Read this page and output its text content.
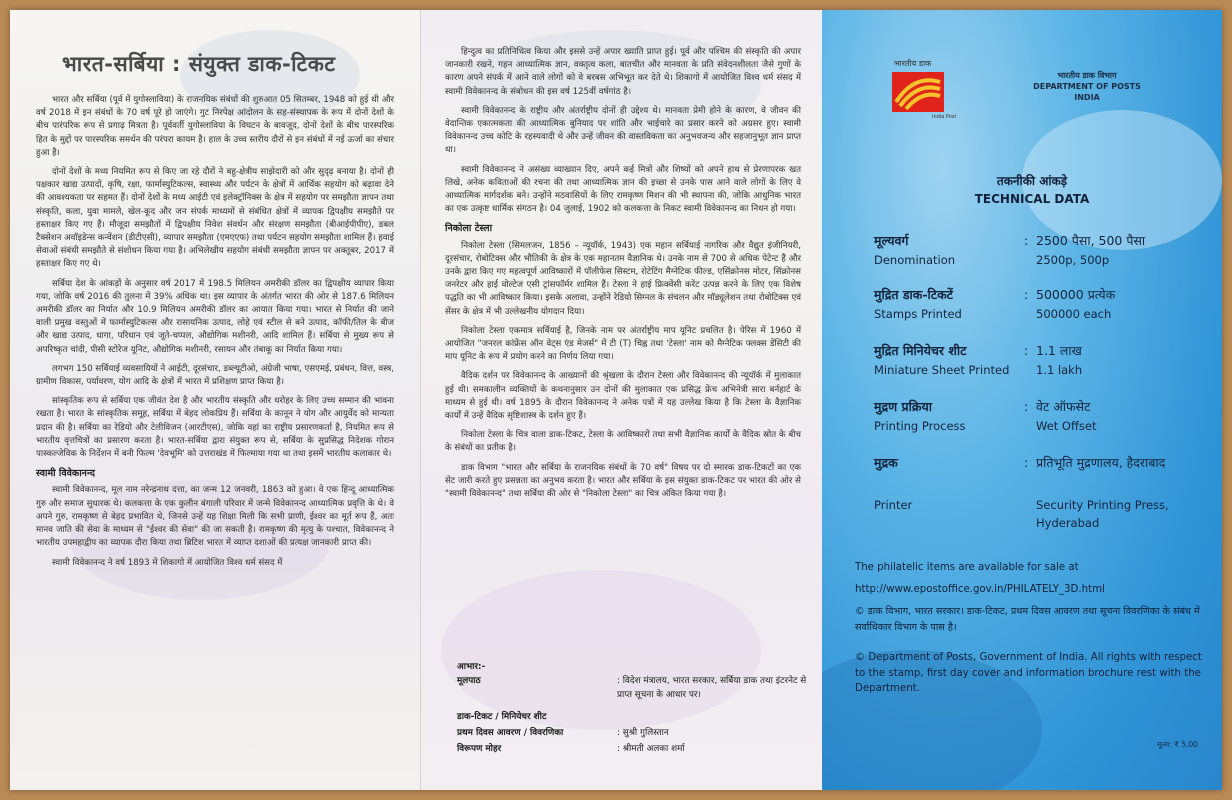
भारत-सर्बिया : संयुक्त डाक-टिकट

भारत और सर्बिया (पूर्व में युगोस्लाविया) के राजनयिक संबंधों की शुरुआत 05 सितम्बर, 1948 को हुई थी और वर्ष 2018 में इन संबंधों के 70 वर्ष पूरे हो जाएंगे। गुट निरपेक्ष आंदोलन के सह-संस्थापक के रूप में दोनों देशों के बीच पारंपरिक रूप से प्रगाढ़ मित्रता है। पूर्ववर्ती युगोस्लाविया के विघटन के बावजूद, दोनों देशों के बीच पारस्परिक हित के मुद्दों पर पारस्परिक समर्थन की परंपरा कायम है। हाल के उच्च स्तरीय दौरों से इन संबंधों में नई ऊर्जा का संचार हुआ है।

दोनों देशों के मध्य नियमित रूप से किए जा रहे दौरों ने बहु-क्षेत्रीय साझेदारी को और सुदृढ़ बनाया है। दोनों ही पक्षकार खाद्य उत्पादों, कृषि, रक्षा, फार्मास्युटिकल्स, स्वास्थ्य और पर्यटन के क्षेत्रों में आर्थिक सहयोग को बढ़ावा देने की आवश्यकता पर सहमत हैं। दोनों देशों के मध्य आईटी एवं इलेक्ट्रॉनिक्स के क्षेत्र में सहयोग पर समझौता ज्ञापन तथा संस्कृति, कला, युवा मामले, खेल-कूद और जन संपर्क माध्यमों से संबंधित क्षेत्रों में व्यापक द्विपक्षीय समझौते पर हस्ताक्षर किए गए हैं। मौजूदा समझौतों में द्विपक्षीय निवेश संवर्धन और संरक्षण समझौता (बीआईपीपीए), डबल टैक्सेशन अवॉइडेन्स कन्वेंशन (डीटीएसी), व्यापार समझौता (एमएएफ) तथा पर्यटन सहयोग समझौता शामिल हैं। हवाई सेवाओं संबंधी समझौते से संशोधन किया गया है। अभिलेखीय सहयोग संबंधी समझौता ज्ञापन पर अक्तूबर, 2017 में हस्ताक्षर किए गए थे।

सर्बिया देश के आंकड़ों के अनुसार वर्ष 2017 में 198.5 मिलियन अमरीकी डॉलर का द्विपक्षीय व्यापार किया गया, जोकि वर्ष 2016 की तुलना में 39% अधिक था। इस व्यापार के अंतर्गत भारत की ओर से 187.6 मिलियन अमरीकी डॉलर का निर्यात और 10.9 मिलियन अमरीकी डॉलर का आयात किया गया। भारत से निर्यात की जाने वाली प्रमुख वस्तुओं में फार्मास्युटिकल्स और रासायनिक उत्पाद, लोहे एवं स्टील से बने उत्पाद, कॉफी/तिल के बीज और खाद्य उत्पाद, धागा, परिधान एवं जूते-चप्पल, औद्योगिक मशीनरी, आदि शामिल हैं। सर्बिया से मुख्य रूप से अपरिष्कृत चांदी, पीसी स्टोरेज यूनिट, औद्योगिक मशीनरी, रसायन और तंबाकू का निर्यात किया गया।

लगभग 150 सर्बियाई व्यवसायियों ने आईटी, दूरसंचार, डब्ल्यूटीओ, अंग्रेजी भाषा, एसएमई, प्रबंधन, वित्त, वस्त्र, ग्रामीण विकास, पर्यावरण, योग आदि के क्षेत्रों में भारत में प्रशिक्षण प्राप्त किया है।

सांस्कृतिक रूप से सर्बिया एक जीवंत देश है और भारतीय संस्कृति और धरोहर के लिए उच्च सम्मान की भावना रखता है। भारत के सांस्कृतिक समूह, सर्बिया में बेहद लोकप्रिय हैं। सर्बिया के कानून ने योग और आयुर्वेद को मान्यता प्रदान की है। सर्बिया का रेडियो और टेलीविजन (आरटीएस), जोकि वहां का राष्ट्रीय प्रसारणकर्ता है, नियमित रूप से भारतीय वृत्तचित्रों का प्रसारण करता है। भारत-सर्बिया द्वारा संयुक्त रूप से, सर्बिया के सुप्रसिद्ध निदेशक गोरान पास्कल्जेविक के निर्देशन में बनी फिल्म 'देवभूमि' को उत्तराखंड में फिल्माया गया था तथा इसमें भारतीय कलाकार थे।

स्वामी विवेकानन्द

स्वामी विवेकानन्द, मूल नाम नरेन्द्रनाथ दत्ता, का जन्म 12 जनवरी, 1863 को हुआ। वे एक हिन्दू आध्यात्मिक गुरु और समाज सुधारक थे। कलकत्ता के एक कुलीन बंगाली परिवार में जन्मे विवेकानन्द आध्यात्मिक प्रवृत्ति के थे। वे अपने गुरु, रामकृष्ण से बेहद प्रभावित थे, जिनसे उन्हें यह शिक्षा मिली कि सभी प्राणी, ईश्वर का मूर्त रूप हैं, अतः मानव जाति की सेवा के माध्यम से "ईश्वर की सेवा" की जा सकती है। रामकृष्ण की मृत्यु के पश्चात, विवेकानन्द ने भारतीय उपमहाद्वीप का व्यापक दौरा किया तथा ब्रिटिश भारत में व्याप्त दशाओं की प्रत्यक्ष जानकारी प्राप्त की।

स्वामी विवेकानन्द ने वर्ष 1893 में शिकागो में आयोजित विश्व धर्म संसद में

हिन्दुत्व का प्रतिनिधित्व किया और इससे उन्हें अपार ख्याति प्राप्त हुई। पूर्व और पश्चिम की संस्कृति की अपार जानकारी रखने, गहन आध्यात्मिक ज्ञान, वक्तृत्व कला, बातचीत और मानवता के प्रति संवेदनशीलता जैसे गुणों के कारण अपने संपर्क में आने वाले लोगों को वे बरबस अभिभूत कर देते थे। शिकागो में आयोजित विश्व धर्म संसद में स्वामी विवेकानन्द के संबोधन की इस वर्ष 125वीं वर्षगांठ है।

स्वामी विवेकानन्द के राष्ट्रीय और अंतर्राष्ट्रीय दोनों ही उद्देश्य थे। मानवता प्रेमी होने के कारण, वे जीवन की वेदान्तिक एकात्मकता की आध्यात्मिक बुनियाद पर शांति और भाईचारे का प्रसार करने को अग्रसर हुए। स्वामी विवेकानन्द उच्च कोटि के रहस्यवादी थे और उन्हें जीवन की वास्तविकता का अनुभवजन्य और सहजानुभूत ज्ञान प्राप्त था।

स्वामी विवेकानन्द ने असंख्य व्याख्यान दिए, अपने कई मित्रों और शिष्यों को अपने हाथ से प्रेरणापरक खत लिखे, अनेक कविताओं की रचना की तथा आध्यात्मिक ज्ञान की इच्छा से उनके पास आने वाले लोगों के लिए वे आध्यात्मिक मार्गदर्शक बने। उन्होंने मठवासियों के लिए रामकृष्ण मिशन की भी स्थापना की, जोकि आधुनिक भारत का एक उत्कृष्ट धार्मिक संगठन है। 04 जुलाई, 1902 को कलकत्ता के निकट स्वामी विवेकानन्द का निधन हो गया।

निकोला टेस्ला

निकोला टेस्ला (सिमलजन, 1856 – न्यूयॉर्क, 1943) एक महान सर्बियाई नागरिक और वैद्युत इंजीनियरी, दूरसंचार, रोबोटिक्स और भौतिकी के क्षेत्र के एक महानतम वैज्ञानिक थे। उनके नाम से 700 से अधिक पेटेन्ट हैं और उनके द्वारा किए गए महत्वपूर्ण आविष्कारों में पॉलीफेस सिस्टम, रोटेटिंग मैग्नेटिक फील्ड, एसिंक्रोनस मोटर, सिंक्रोनस जनरेटर और हाई वोल्टेज एसी ट्रांसफॉर्मर शामिल हैं। टेस्ला ने हाई फ्रिक्वेंसी करेंट उत्पन्न करने के लिए एक विशेष पद्धति का भी आविष्कार किया। इसके अलावा, उन्होंने रेडियो सिग्नल के संचलन और मॉड्यूलेशन तथा रोबोटिक्स एवं सेंसर के क्षेत्र में भी उल्लेखनीय योगदान दिया।

निकोला टेस्ला एकमात्र सर्बियाई है, जिनके नाम पर अंतर्राष्ट्रीय माप यूनिट प्रचलित है। पेरिस में 1960 में आयोजित "जनरल कांफ्रेंस ऑन वेट्स एंड मेजर्स" में टी (T) चिह्न तथा 'टेस्ला' नाम को मैग्नेटिक फ्लक्स डेंसिटी की माप यूनिट के रूप में प्रयोग करने का निर्णय लिया गया।

वैदिक दर्शन पर विवेकानन्द के आख्यानों की श्रृंखला के दौरान टेस्ला और विवेकानन्द की न्यूयॉर्क में मुलाकात हुई थी। समकालीन व्यक्तियों के कथनानुसार उन दोनों की मुलाकात एक प्रसिद्ध फ्रेंच अभिनेत्री सारा बर्नहार्ट के माध्यम से हुई थी। वर्ष 1895 के दौरान विवेकानन्द ने अनेक पत्रों में यह उल्लेख किया है कि टेस्ला के वैज्ञानिक कार्यों में उन्हें वैदिक सृष्टिशास्त्र के दर्शन हुए हैं।

निकोला टेस्ला के चित्र वाला डाक-टिकट, टेस्ला के आविष्कारों तथा सभी वैज्ञानिक कार्यों के वैदिक स्रोत के बीच के संबंधों का प्रतीक है।

डाक विभाग "भारत और सर्बिया के राजनयिक संबंधों के 70 वर्ष" विषय पर दो स्मारक डाक-टिकटों का एक सेट जारी करते हुए प्रसन्नता का अनुभव करता है। भारत और सर्बिया के इस संयुक्त डाक-टिकट पर भारत की ओर से "स्वामी विवेकानन्द" तथा सर्बिया की ओर से "निकोला टेस्ला" का चित्र अंकित किया गया है।

आभार:-
मूलपाठ	: विदेश मंत्रालय, भारत सरकार, सर्बिया डाक तथा इंटरनेट से प्राप्त सूचना के आधार पर।
डाक-टिकट / मिनियेचर शीट
प्रथम दिवस आवरण / विवरणिका	: सुश्री गुलिस्तान
विरूपण मोहर	: श्रीमती अलका शर्मा
भारतीय डाक
India Post
भारतीय डाक विभाग
DEPARTMENT OF POSTS
INDIA
तकनीकी आंकड़े
TECHNICAL DATA
मूल्यवर्ग
Denomination
: 2500 पैसा, 500 पैसा
2500p, 500p
मुद्रित डाक-टिकटें
Stamps Printed
: 500000 प्रत्येक
500000 each
मुद्रित मिनियेचर शीट
Miniature Sheet Printed
: 1.1 लाख
1.1 lakh
मुद्रण प्रक्रिया
Printing Process
: वेट ऑफसेट
Wet Offset
मुद्रक
Printer
: प्रतिभूति मुद्रणालय, हैदराबाद
Security Printing Press, Hyderabad
The philatelic items are available for sale at
http://www.epostoffice.gov.in/PHILATELY_3D.html
© डाक विभाग, भारत सरकार। डाक-टिकट, प्रथम दिवस आवरण तथा सूचना विवरणिका के संबंध में सर्वाधिकार विभाग के पास है।
© Department of Posts, Government of India. All rights with respect to the stamp, first day cover and information brochure rest with the Department.
मूल्य: ₹ 5.00
